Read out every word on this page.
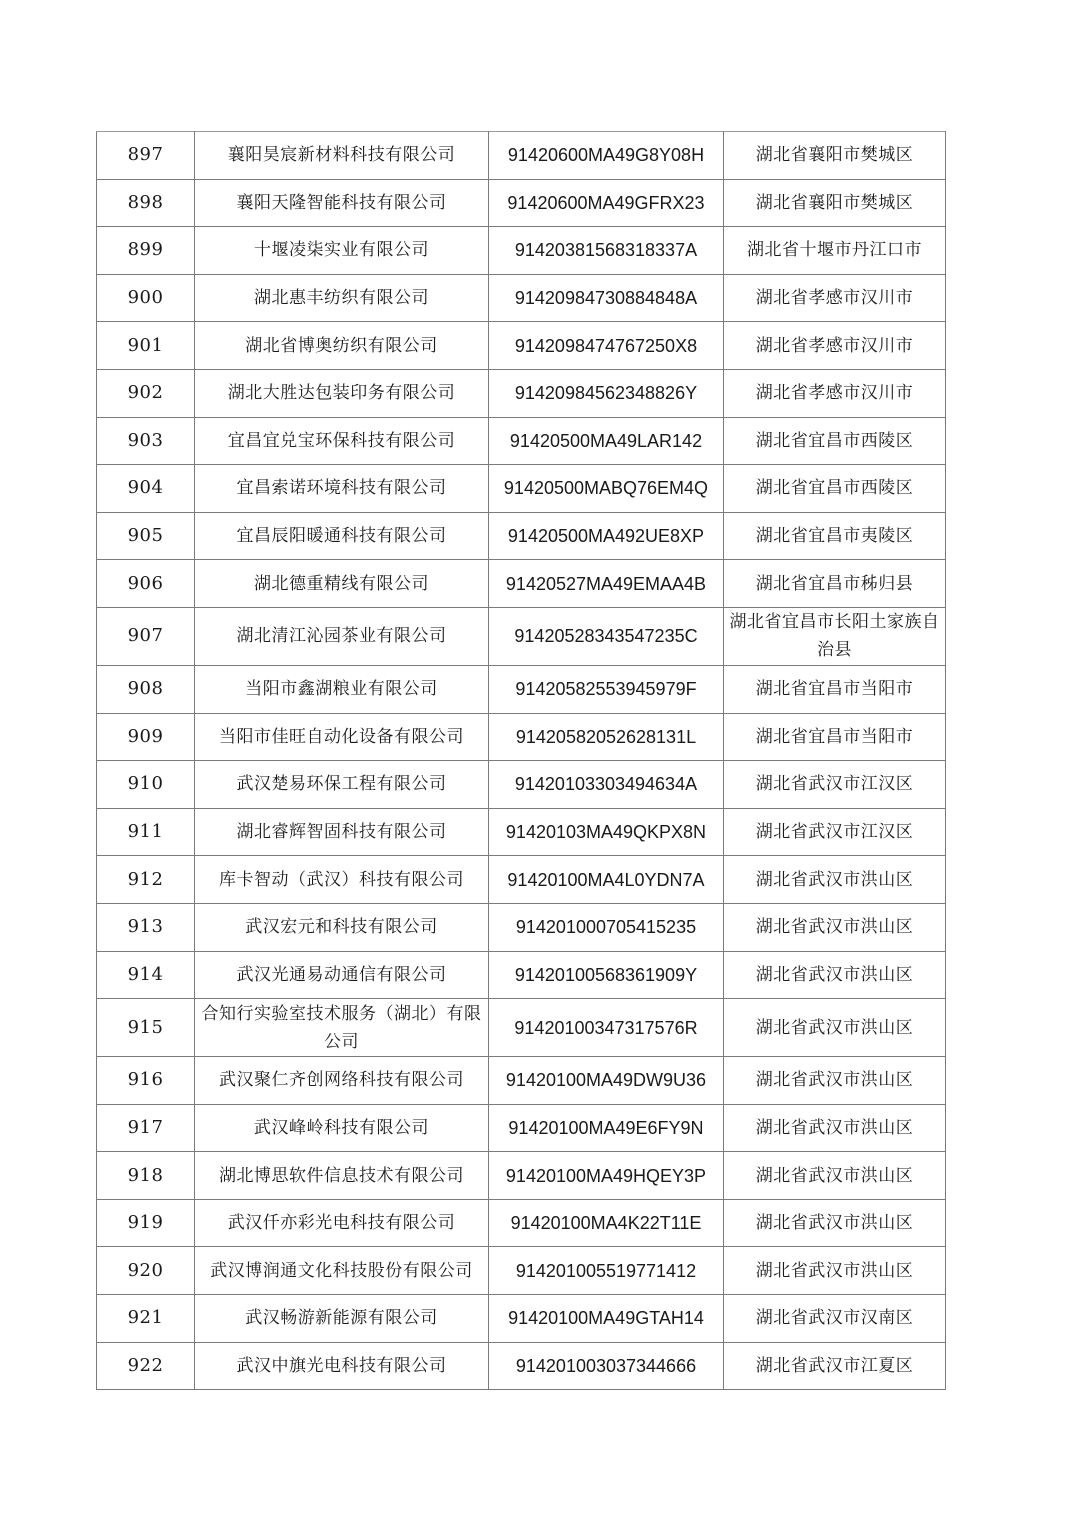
897	襄阳昊宸新材料科技有限公司	91420600MA49G8Y08H	湖北省襄阳市樊城区
898	襄阳天隆智能科技有限公司	91420600MA49GFRX23	湖北省襄阳市樊城区
899	十堰凌柒实业有限公司	91420381568318337A	湖北省十堰市丹江口市
900	湖北惠丰纺织有限公司	91420984730884848A	湖北省孝感市汉川市
901	湖北省博奥纺织有限公司	9142098474767250X8	湖北省孝感市汉川市
902	湖北大胜达包装印务有限公司	91420984562348826Y	湖北省孝感市汉川市
903	宜昌宜兑宝环保科技有限公司	91420500MA49LAR142	湖北省宜昌市西陵区
904	宜昌索诺环境科技有限公司	91420500MABQ76EM4Q	湖北省宜昌市西陵区
905	宜昌辰阳暖通科技有限公司	91420500MA492UE8XP	湖北省宜昌市夷陵区
906	湖北德重精线有限公司	91420527MA49EMAA4B	湖北省宜昌市秭归县
907	湖北清江沁园茶业有限公司	91420528343547235C	湖北省宜昌市长阳土家族自治县
908	当阳市鑫湖粮业有限公司	91420582553945979F	湖北省宜昌市当阳市
909	当阳市佳旺自动化设备有限公司	91420582052628131L	湖北省宜昌市当阳市
910	武汉楚易环保工程有限公司	91420103303494634A	湖北省武汉市江汉区
911	湖北睿辉智固科技有限公司	91420103MA49QKPX8N	湖北省武汉市江汉区
912	库卡智动（武汉）科技有限公司	91420100MA4L0YDN7A	湖北省武汉市洪山区
913	武汉宏元和科技有限公司	914201000705415235	湖北省武汉市洪山区
914	武汉光通易动通信有限公司	91420100568361909Y	湖北省武汉市洪山区
915	合知行实验室技术服务（湖北）有限公司	91420100347317576R	湖北省武汉市洪山区
916	武汉聚仁齐创网络科技有限公司	91420100MA49DW9U36	湖北省武汉市洪山区
917	武汉峰岭科技有限公司	91420100MA49E6FY9N	湖北省武汉市洪山区
918	湖北博思软件信息技术有限公司	91420100MA49HQEY3P	湖北省武汉市洪山区
919	武汉仟亦彩光电科技有限公司	91420100MA4K22T11E	湖北省武汉市洪山区
920	武汉博润通文化科技股份有限公司	914201005519771412	湖北省武汉市洪山区
921	武汉畅游新能源有限公司	91420100MA49GTAH14	湖北省武汉市汉南区
922	武汉中旗光电科技有限公司	914201003037344666	湖北省武汉市江夏区
